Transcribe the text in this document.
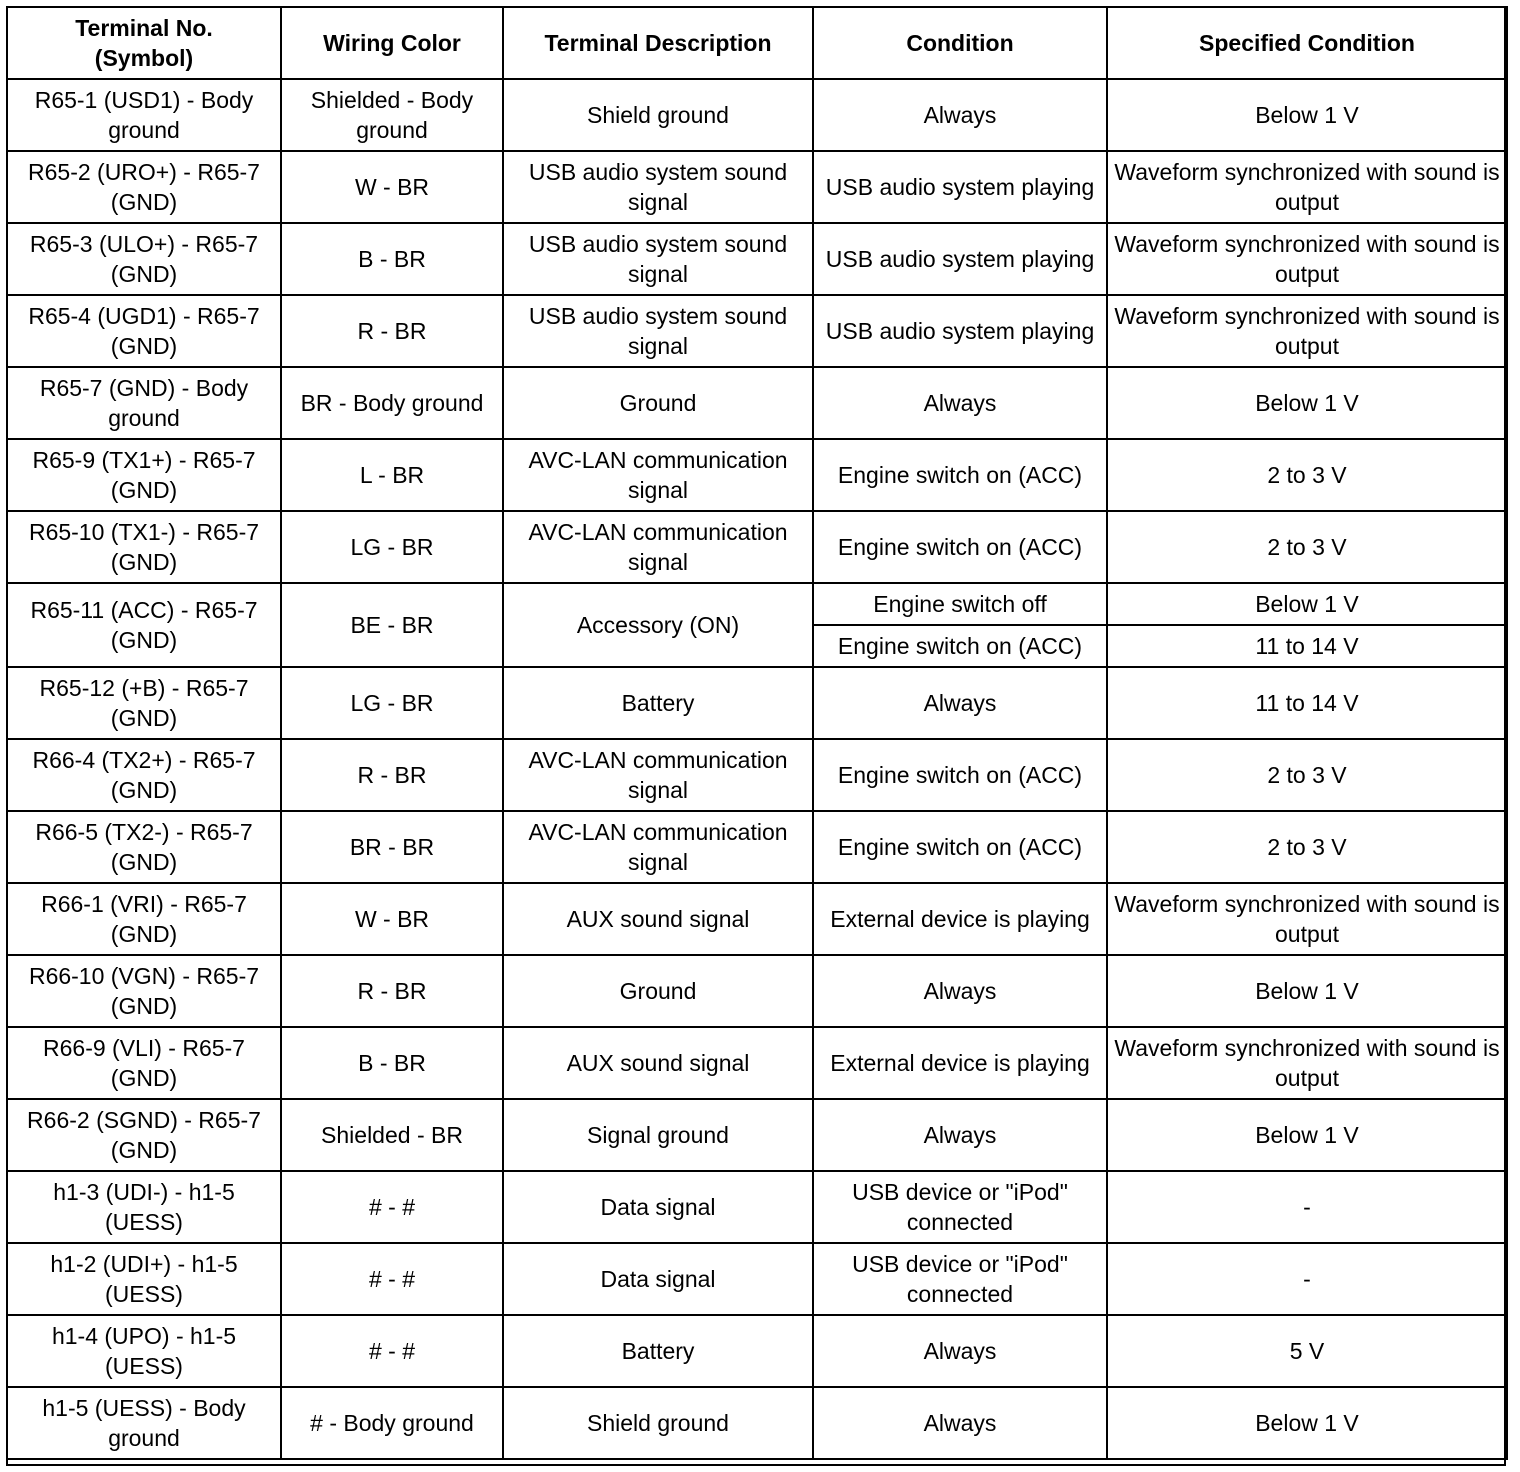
Terminal No. (Symbol)	Wiring Color	Terminal Description	Condition	Specified Condition
R65-1 (USD1) - Body ground	Shielded - Body ground	Shield ground	Always	Below 1 V
R65-2 (URO+) - R65-7 (GND)	W - BR	USB audio system sound signal	USB audio system playing	Waveform synchronized with sound is output
R65-3 (ULO+) - R65-7 (GND)	B - BR	USB audio system sound signal	USB audio system playing	Waveform synchronized with sound is output
R65-4 (UGD1) - R65-7 (GND)	R - BR	USB audio system sound signal	USB audio system playing	Waveform synchronized with sound is output
R65-7 (GND) - Body ground	BR - Body ground	Ground	Always	Below 1 V
R65-9 (TX1+) - R65-7 (GND)	L - BR	AVC-LAN communication signal	Engine switch on (ACC)	2 to 3 V
R65-10 (TX1-) - R65-7 (GND)	LG - BR	AVC-LAN communication signal	Engine switch on (ACC)	2 to 3 V
R65-11 (ACC) - R65-7 (GND)	BE - BR	Accessory (ON)	Engine switch off	Below 1 V
			Engine switch on (ACC)	11 to 14 V
R65-12 (+B) - R65-7 (GND)	LG - BR	Battery	Always	11 to 14 V
R66-4 (TX2+) - R65-7 (GND)	R - BR	AVC-LAN communication signal	Engine switch on (ACC)	2 to 3 V
R66-5 (TX2-) - R65-7 (GND)	BR - BR	AVC-LAN communication signal	Engine switch on (ACC)	2 to 3 V
R66-1 (VRI) - R65-7 (GND)	W - BR	AUX sound signal	External device is playing	Waveform synchronized with sound is output
R66-10 (VGN) - R65-7 (GND)	R - BR	Ground	Always	Below 1 V
R66-9 (VLI) - R65-7 (GND)	B - BR	AUX sound signal	External device is playing	Waveform synchronized with sound is output
R66-2 (SGND) - R65-7 (GND)	Shielded - BR	Signal ground	Always	Below 1 V
h1-3 (UDI-) - h1-5 (UESS)	# - #	Data signal	USB device or "iPod" connected	-
h1-2 (UDI+) - h1-5 (UESS)	# - #	Data signal	USB device or "iPod" connected	-
h1-4 (UPO) - h1-5 (UESS)	# - #	Battery	Always	5 V
h1-5 (UESS) - Body ground	# - Body ground	Shield ground	Always	Below 1 V
